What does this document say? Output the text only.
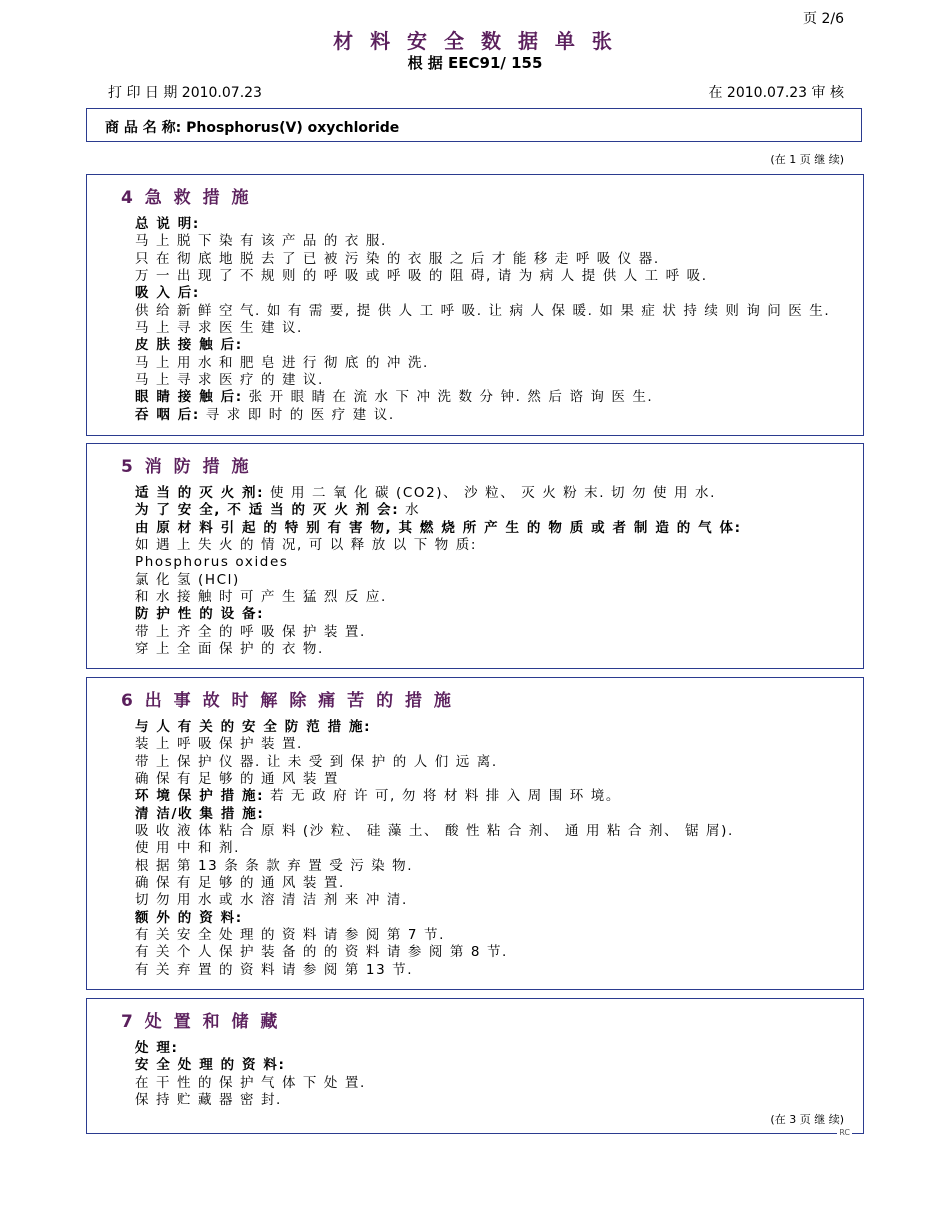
页 2/6
材 料 安 全 数 据 单 张
根 据 EEC91/ 155
打 印 日 期 2010.07.23	在 2010.07.23 审 核
商 品 名 称: Phosphorus(V) oxychloride
(在 1 页 继 续)
4 急 救 措 施
总 说 明:
马 上 脱 下 染 有 该 产 品 的 衣 服.
只 在 彻 底 地 脱 去 了 已 被 污 染 的 衣 服 之 后 才 能 移 走 呼 吸 仪 器.
万 一 出 现 了 不 规 则 的 呼 吸 或 呼 吸 的 阻 碍, 请 为 病 人 提 供 人 工 呼 吸.
吸 入 后:
供 给 新 鲜 空 气. 如 有 需 要, 提 供 人 工 呼 吸. 让 病 人 保 暖. 如 果 症 状 持 续 则 询 问 医 生.
马 上 寻 求 医 生 建 议.
皮 肤 接 触 后:
马 上 用 水 和 肥 皂 进 行 彻 底 的 冲 洗.
马 上 寻 求 医 疗 的 建 议.
眼 睛 接 触 后: 张 开 眼 睛 在 流 水 下 冲 洗 数 分 钟. 然 后 谘 询 医 生.
吞 咽 后: 寻 求 即 时 的 医 疗 建 议.
5 消 防 措 施
适 当 的 灭 火 剂: 使 用 二 氧 化 碳 (CO2)、 沙 粒、 灭 火 粉 末. 切 勿 使 用 水.
为 了 安 全, 不 适 当 的 灭 火 剂 会: 水
由 原 材 料 引 起 的 特 别 有 害 物, 其 燃 烧 所 产 生 的 物 质 或 者 制 造 的 气 体:
如 遇 上 失 火 的 情 况, 可 以 释 放 以 下 物 质:
Phosphorus oxides
氯 化 氢 (HCl)
和 水 接 触 时 可 产 生 猛 烈 反 应.
防 护 性 的 设 备:
带 上 齐 全 的 呼 吸 保 护 装 置.
穿 上 全 面 保 护 的 衣 物.
6 出 事 故 时 解 除 痛 苦 的 措 施
与 人 有 关 的 安 全 防 范 措 施:
装 上 呼 吸 保 护 装 置.
带 上 保 护 仪 器. 让 未 受 到 保 护 的 人 们 远 离.
确 保 有 足 够 的 通 风 装 置
环 境 保 护 措 施: 若 无 政 府 许 可, 勿 将 材 料 排 入 周 围 环 境。
清 洁/收 集 措 施:
吸 收 液 体 粘 合 原 料 (沙 粒、 硅 藻 土、 酸 性 粘 合 剂、 通 用 粘 合 剂、 锯 屑).
使 用 中 和 剂.
根 据 第 13 条 条 款 弃 置 受 污 染 物.
确 保 有 足 够 的 通 风 装 置.
切 勿 用 水 或 水 溶 清 洁 剂 来 冲 清.
额 外 的 资 料:
有 关 安 全 处 理 的 资 料 请 参 阅 第 7 节.
有 关 个 人 保 护 装 备 的 的 资 料 请 参 阅 第 8 节.
有 关 弃 置 的 资 料 请 参 阅 第 13 节.
7 处 置 和 储 藏
处 理:
安 全 处 理 的 资 料:
在 干 性 的 保 护 气 体 下 处 置.
保 持 贮 藏 器 密 封.
(在 3 页 继 续)
RC
